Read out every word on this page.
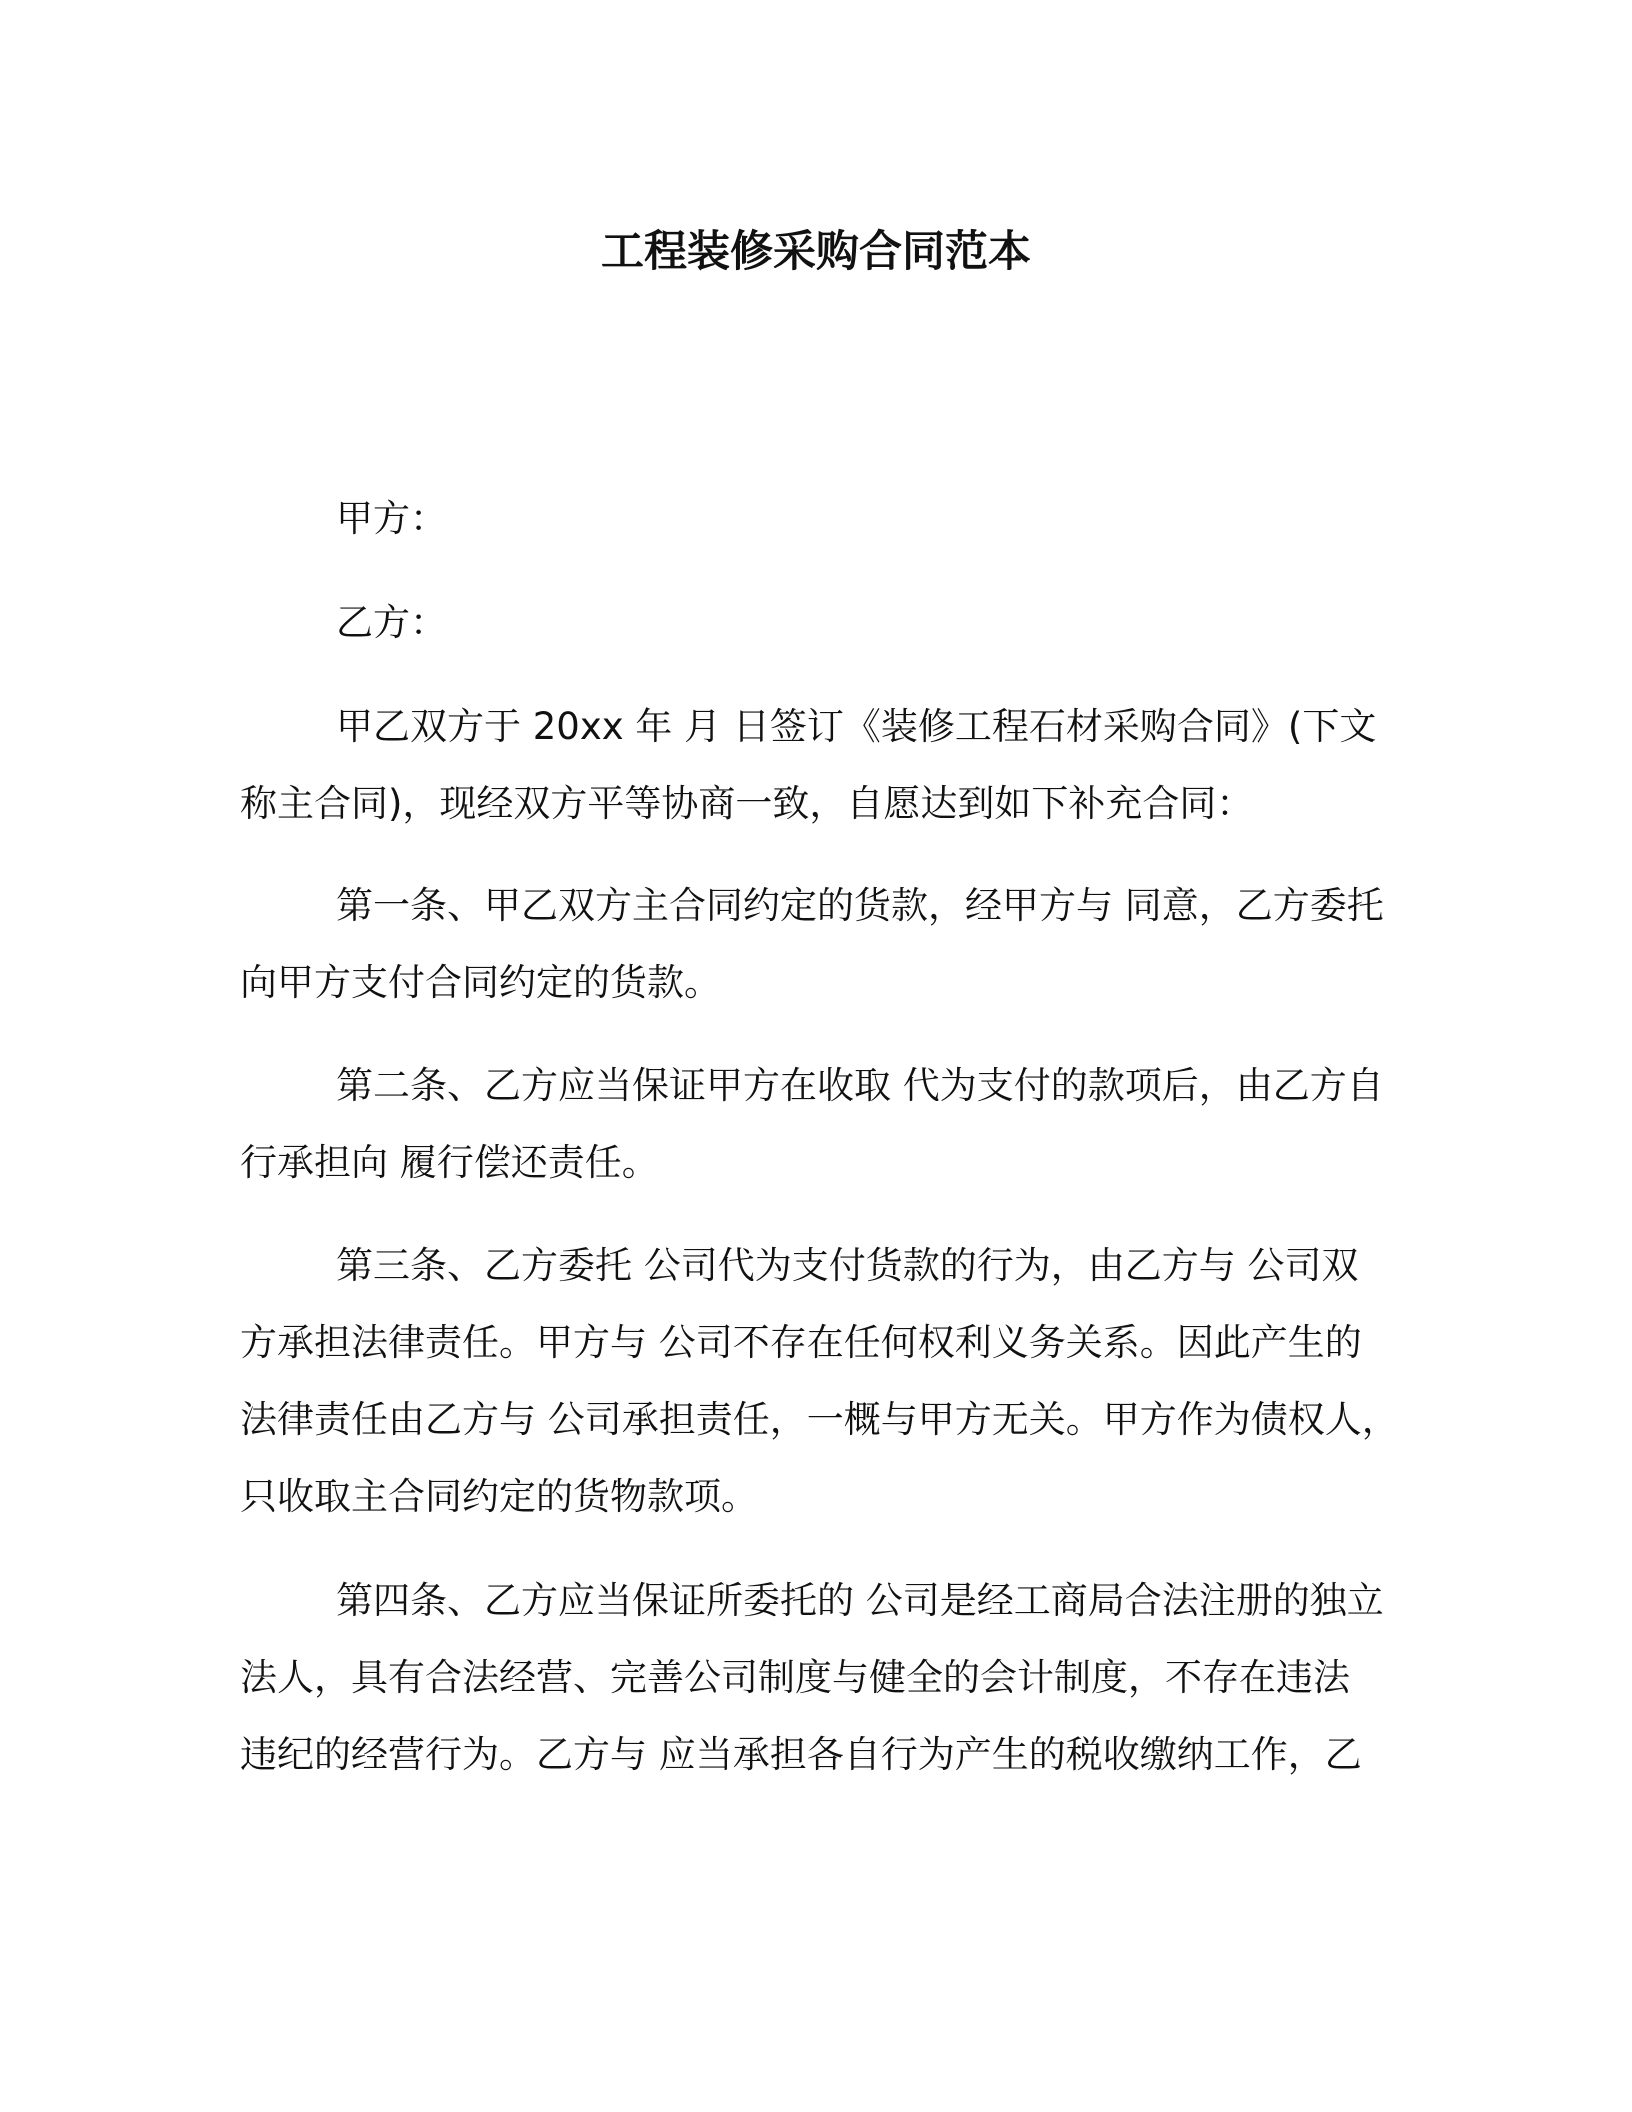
工程装修采购合同范本
甲方：
乙方：
甲乙双方于 20xx 年 月 日签订《装修工程石材采购合同》(下文
称主合同)，现经双方平等协商一致，自愿达到如下补充合同：
第一条、甲乙双方主合同约定的货款，经甲方与 同意，乙方委托
向甲方支付合同约定的货款。
第二条、乙方应当保证甲方在收取 代为支付的款项后，由乙方自
行承担向 履行偿还责任。
第三条、乙方委托 公司代为支付货款的行为，由乙方与 公司双
方承担法律责任。甲方与 公司不存在任何权利义务关系。因此产生的
法律责任由乙方与 公司承担责任，一概与甲方无关。甲方作为债权人，
只收取主合同约定的货物款项。
第四条、乙方应当保证所委托的 公司是经工商局合法注册的独立
法人，具有合法经营、完善公司制度与健全的会计制度，不存在违法
违纪的经营行为。乙方与 应当承担各自行为产生的税收缴纳工作，乙
